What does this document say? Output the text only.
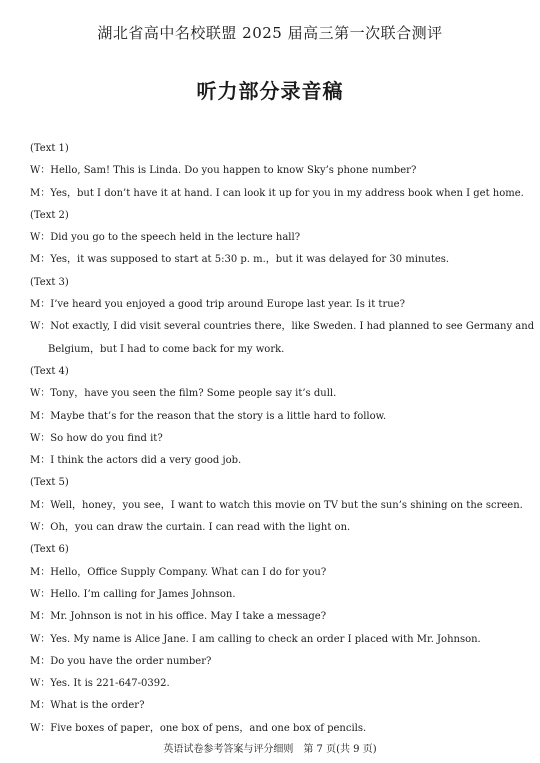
湖北省高中名校联盟 2025 届高三第一次联合测评
听力部分录音稿
(Text 1)
W：Hello, Sam! This is Linda. Do you happen to know Sky’s phone number?
M：Yes，but I don’t have it at hand. I can look it up for you in my address book when I get home.
(Text 2)
W：Did you go to the speech held in the lecture hall?
M：Yes，it was supposed to start at 5:30 p. m.，but it was delayed for 30 minutes.
(Text 3)
M：I’ve heard you enjoyed a good trip around Europe last year. Is it true?
W：Not exactly, I did visit several countries there，like Sweden. I had planned to see Germany and
Belgium，but I had to come back for my work.
(Text 4)
W：Tony，have you seen the film? Some people say it’s dull.
M：Maybe that’s for the reason that the story is a little hard to follow.
W：So how do you find it?
M：I think the actors did a very good job.
(Text 5)
M：Well，honey，you see，I want to watch this movie on TV but the sun’s shining on the screen.
W：Oh，you can draw the curtain. I can read with the light on.
(Text 6)
M：Hello，Office Supply Company. What can I do for you?
W：Hello. I’m calling for James Johnson.
M：Mr. Johnson is not in his office. May I take a message?
W：Yes. My name is Alice Jane. I am calling to check an order I placed with Mr. Johnson.
M：Do you have the order number?
W：Yes. It is 221-647-0392.
M：What is the order?
W：Five boxes of paper，one box of pens，and one box of pencils.
英语试卷参考答案与评分细则　第 7 页(共 9 页)
